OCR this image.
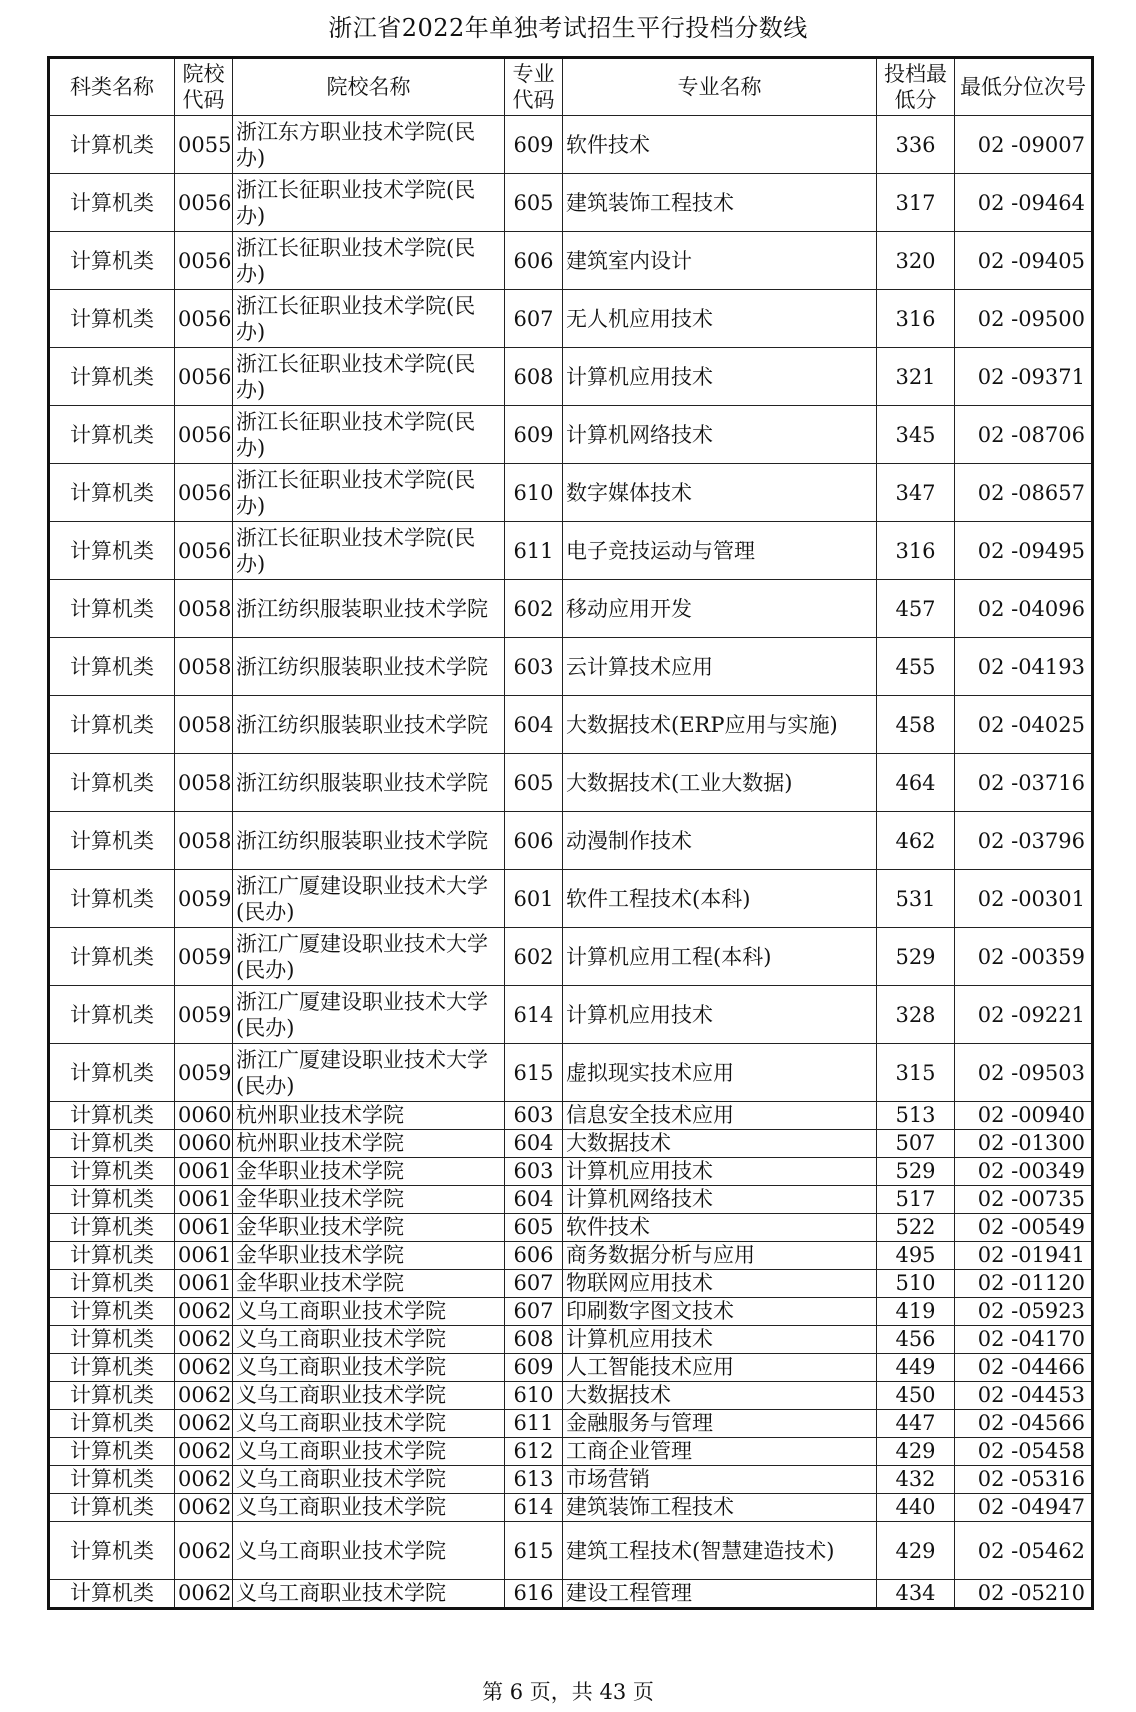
浙江省2022年单独考试招生平行投档分数线
科类名称	院校代码	院校名称	专业代码	专业名称	投档最低分	最低分位次号
计算机类	0055	浙江东方职业技术学院(民办)	609	软件技术	336	02 -09007
计算机类	0056	浙江长征职业技术学院(民办)	605	建筑装饰工程技术	317	02 -09464
计算机类	0056	浙江长征职业技术学院(民办)	606	建筑室内设计	320	02 -09405
计算机类	0056	浙江长征职业技术学院(民办)	607	无人机应用技术	316	02 -09500
计算机类	0056	浙江长征职业技术学院(民办)	608	计算机应用技术	321	02 -09371
计算机类	0056	浙江长征职业技术学院(民办)	609	计算机网络技术	345	02 -08706
计算机类	0056	浙江长征职业技术学院(民办)	610	数字媒体技术	347	02 -08657
计算机类	0056	浙江长征职业技术学院(民办)	611	电子竞技运动与管理	316	02 -09495
计算机类	0058	浙江纺织服装职业技术学院	602	移动应用开发	457	02 -04096
计算机类	0058	浙江纺织服装职业技术学院	603	云计算技术应用	455	02 -04193
计算机类	0058	浙江纺织服装职业技术学院	604	大数据技术(ERP应用与实施)	458	02 -04025
计算机类	0058	浙江纺织服装职业技术学院	605	大数据技术(工业大数据)	464	02 -03716
计算机类	0058	浙江纺织服装职业技术学院	606	动漫制作技术	462	02 -03796
计算机类	0059	浙江广厦建设职业技术大学(民办)	601	软件工程技术(本科)	531	02 -00301
计算机类	0059	浙江广厦建设职业技术大学(民办)	602	计算机应用工程(本科)	529	02 -00359
计算机类	0059	浙江广厦建设职业技术大学(民办)	614	计算机应用技术	328	02 -09221
计算机类	0059	浙江广厦建设职业技术大学(民办)	615	虚拟现实技术应用	315	02 -09503
计算机类	0060	杭州职业技术学院	603	信息安全技术应用	513	02 -00940
计算机类	0060	杭州职业技术学院	604	大数据技术	507	02 -01300
计算机类	0061	金华职业技术学院	603	计算机应用技术	529	02 -00349
计算机类	0061	金华职业技术学院	604	计算机网络技术	517	02 -00735
计算机类	0061	金华职业技术学院	605	软件技术	522	02 -00549
计算机类	0061	金华职业技术学院	606	商务数据分析与应用	495	02 -01941
计算机类	0061	金华职业技术学院	607	物联网应用技术	510	02 -01120
计算机类	0062	义乌工商职业技术学院	607	印刷数字图文技术	419	02 -05923
计算机类	0062	义乌工商职业技术学院	608	计算机应用技术	456	02 -04170
计算机类	0062	义乌工商职业技术学院	609	人工智能技术应用	449	02 -04466
计算机类	0062	义乌工商职业技术学院	610	大数据技术	450	02 -04453
计算机类	0062	义乌工商职业技术学院	611	金融服务与管理	447	02 -04566
计算机类	0062	义乌工商职业技术学院	612	工商企业管理	429	02 -05458
计算机类	0062	义乌工商职业技术学院	613	市场营销	432	02 -05316
计算机类	0062	义乌工商职业技术学院	614	建筑装饰工程技术	440	02 -04947
计算机类	0062	义乌工商职业技术学院	615	建筑工程技术(智慧建造技术)	429	02 -05462
计算机类	0062	义乌工商职业技术学院	616	建设工程管理	434	02 -05210
第 6 页，共 43 页
